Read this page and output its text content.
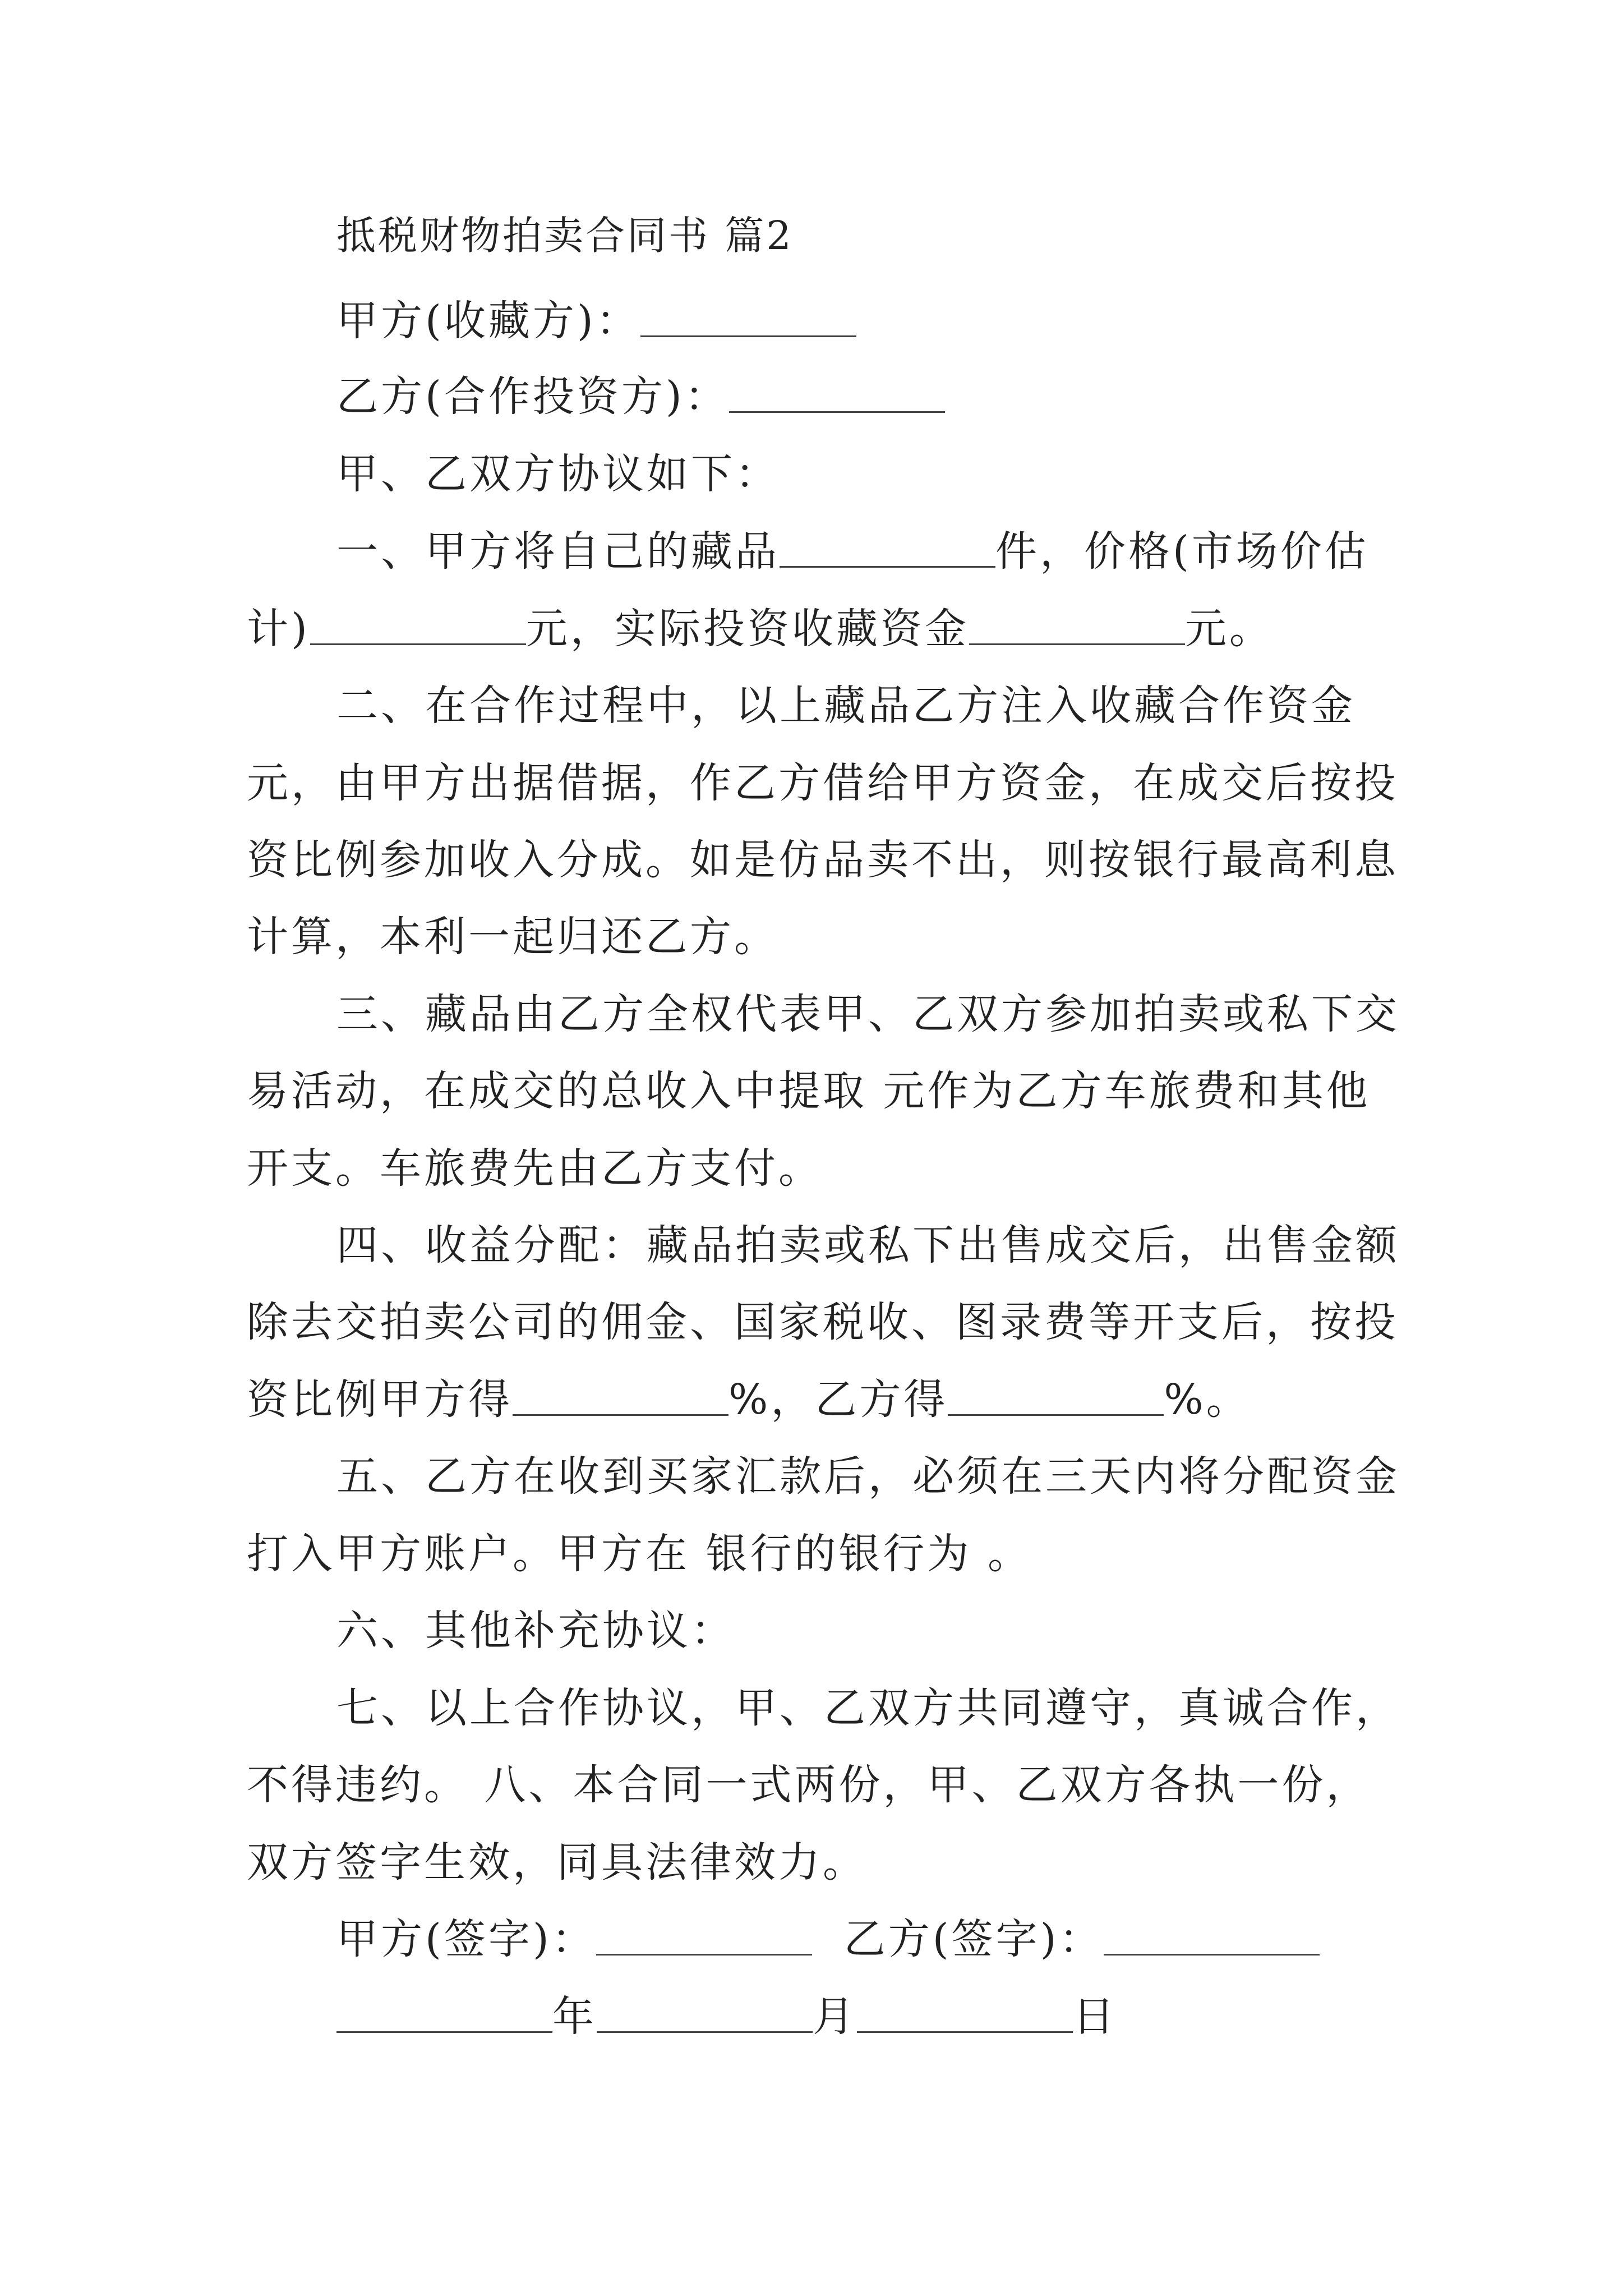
抵税财物拍卖合同书 篇2
甲方(收藏方)：
乙方(合作投资方)：
甲、乙双方协议如下：
一、甲方将自己的藏品	件，价格(市场价估
计)	元，实际投资收藏资金	元。
二、在合作过程中，以上藏品乙方注入收藏合作资金
元，由甲方出据借据，作乙方借给甲方资金，在成交后按投
资比例参加收入分成。如是仿品卖不出，则按银行最高利息
计算，本利一起归还乙方。
三、藏品由乙方全权代表甲、乙双方参加拍卖或私下交
易活动，在成交的总收入中提取 元作为乙方车旅费和其他
开支。车旅费先由乙方支付。
四、收益分配：藏品拍卖或私下出售成交后，出售金额
除去交拍卖公司的佣金、国家税收、图录费等开支后，按投
资比例甲方得	%，乙方得	%。
五、乙方在收到买家汇款后，必须在三天内将分配资金
打入甲方账户。甲方在 银行的银行为 。
六、其他补充协议：
七、以上合作协议，甲、乙双方共同遵守，真诚合作，
不得违约。 八、本合同一式两份，甲、乙双方各执一份，
双方签字生效，同具法律效力。
甲方(签字)：	乙方(签字)：
年	月	日
